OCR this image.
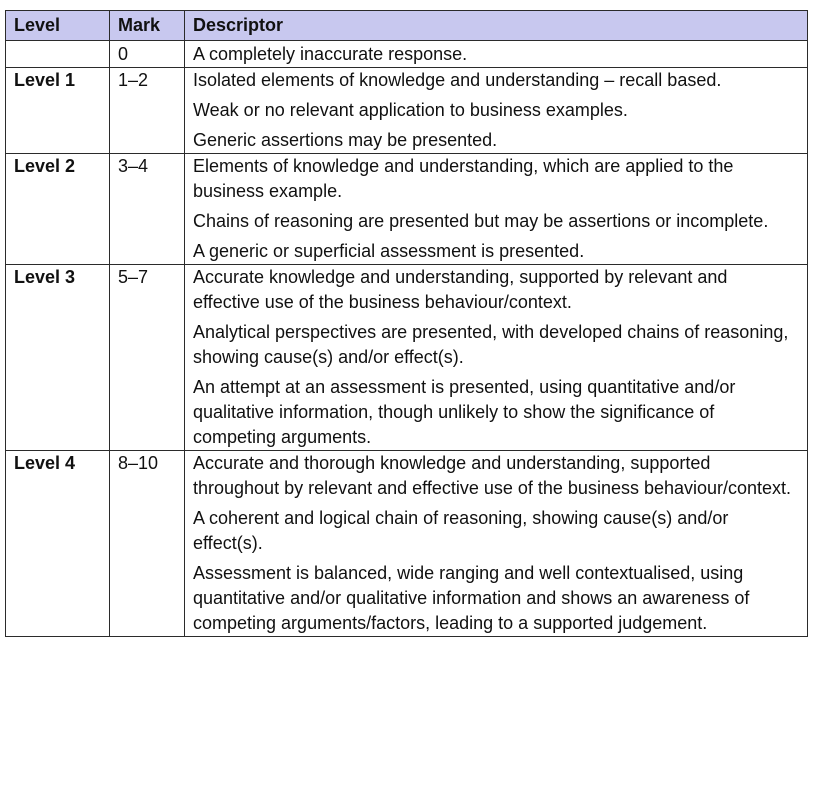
Level	Mark	Descriptor
	0	A completely inaccurate response.

Level 1	1–2	Isolated elements of knowledge and understanding – recall based.

Weak or no relevant application to business examples.

Generic assertions may be presented.

Level 2	3–4	Elements of knowledge and understanding, which are applied to the business example.

Chains of reasoning are presented but may be assertions or incomplete.

A generic or superficial assessment is presented.

Level 3	5–7	Accurate knowledge and understanding, supported by relevant and effective use of the business behaviour/context.

Analytical perspectives are presented, with developed chains of reasoning, showing cause(s) and/or effect(s).

An attempt at an assessment is presented, using quantitative and/or qualitative information, though unlikely to show the significance of competing arguments.

Level 4	8–10	Accurate and thorough knowledge and understanding, supported throughout by relevant and effective use of the business behaviour/context.

A coherent and logical chain of reasoning, showing cause(s) and/or effect(s).

Assessment is balanced, wide ranging and well contextualised, using quantitative and/or qualitative information and shows an awareness of competing arguments/factors, leading to a supported judgement.
